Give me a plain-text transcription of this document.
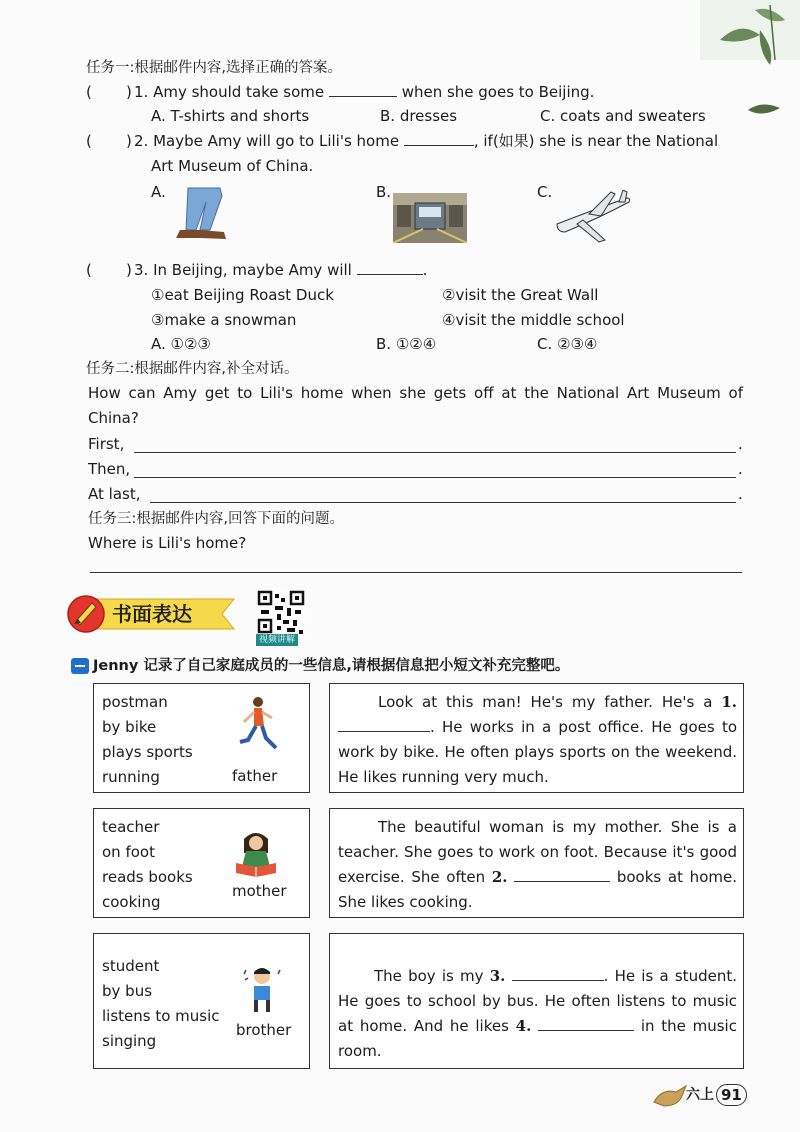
任务一:根据邮件内容,选择正确的答案。
( ) 1. Amy should take some	when she goes to Beijing.
A. T-shirts and shorts	B. dresses	C. coats and sweaters
( ) 2. Maybe Amy will go to Lili's home	, if(如果) she is near the National
Art Museum of China.
A.	B.	C.
( ) 3. In Beijing, maybe Amy will	.
①eat Beijing Roast Duck	②visit the Great Wall
③make a snowman	④visit the middle school
A. ①②③	B. ①②④	C. ②③④
任务二:根据邮件内容,补全对话。
How can Amy get to Lili's home when she gets off at the National Art Museum of
China?
First,	.
Then,	.
At last,	.
任务三:根据邮件内容,回答下面的问题。
Where is Lili's home?
书面表达
视频讲解
Jenny 记录了自己家庭成员的一些信息,请根据信息把小短文补充完整吧。
postman
by bike
plays sports
running	father
Look at this man! He's my father. He's a 1. . He works in a post office. He goes to work by bike. He often plays sports on the weekend. He likes running very much.
teacher
on foot
reads books
cooking
mother
The beautiful woman is my mother. She is a teacher. She goes to work on foot. Because it's good exercise. She often 2.	books at home. She likes cooking.
student
by bus
listens to music
singing
brother
The boy is my 3.	. He is a student. He goes to school by bus. He often listens to music at home. And he likes 4.	in the music room.
六上 91
